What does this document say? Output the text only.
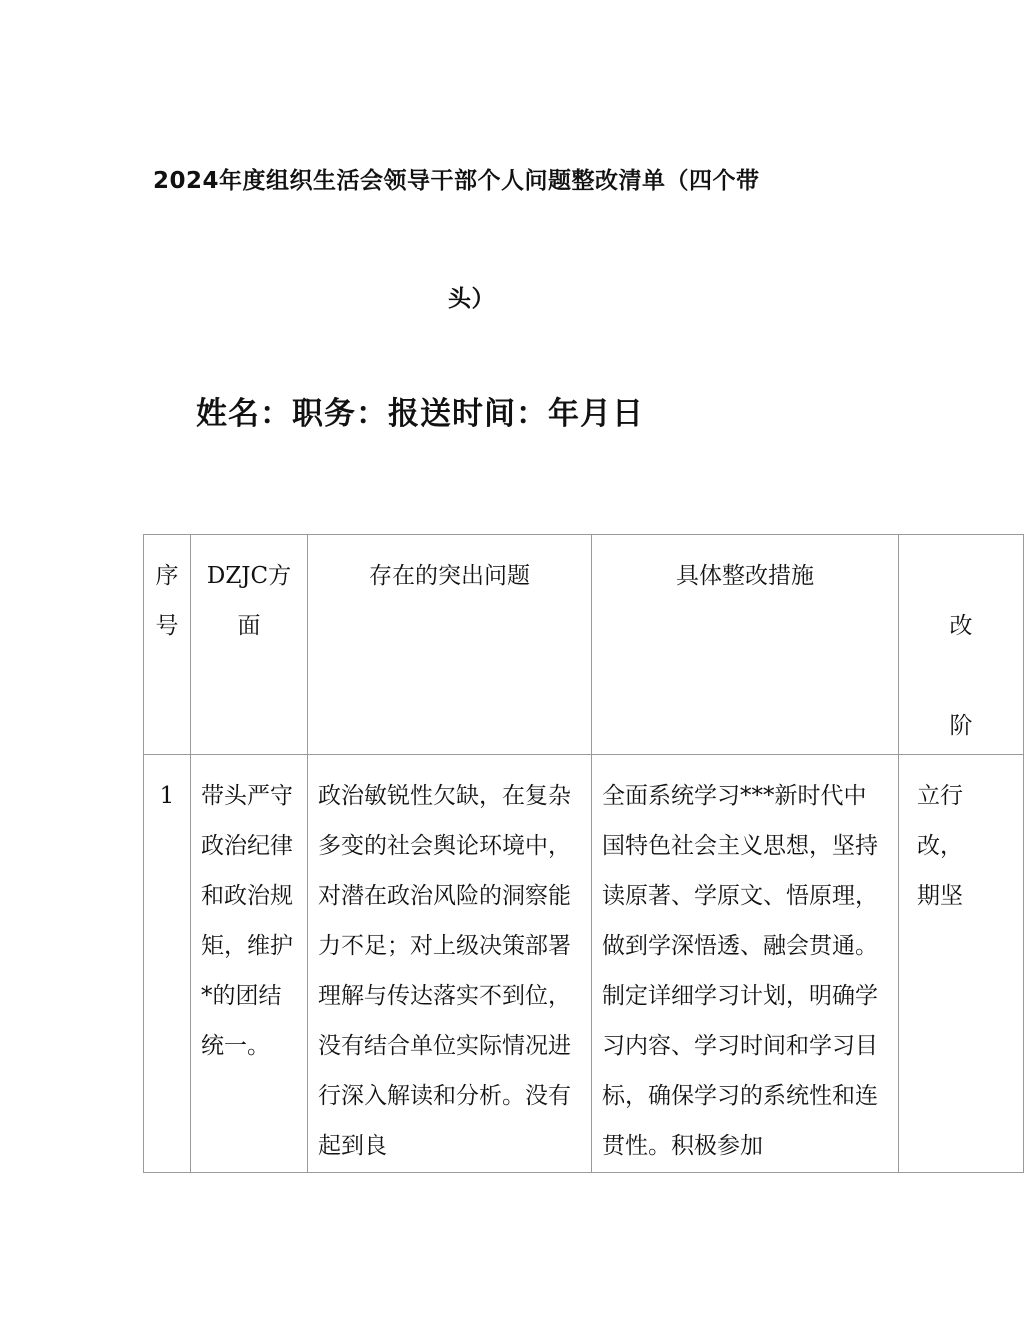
2024年度组织生活会领导干部个人问题整改清单（四个带
头）
姓名：职务：报送时间：年月日
序号	DZJC方面	存在的突出问题	具体整改措施	改

阶

1	带头严守政治纪律和政治规矩，维护*的团结统一。	政治敏锐性欠缺，在复杂多变的社会舆论环境中，对潜在政治风险的洞察能力不足；对上级决策部署理解与传达落实不到位，没有结合单位实际情况进行深入解读和分析。没有起到良	全面系统学习***新时代中国特色社会主义思想，坚持读原著、学原文、悟原理，做到学深悟透、融会贯通。制定详细学习计划，明确学习内容、学习时间和学习目标，确保学习的系统性和连贯性。积极参加	立行
改，
期坚
